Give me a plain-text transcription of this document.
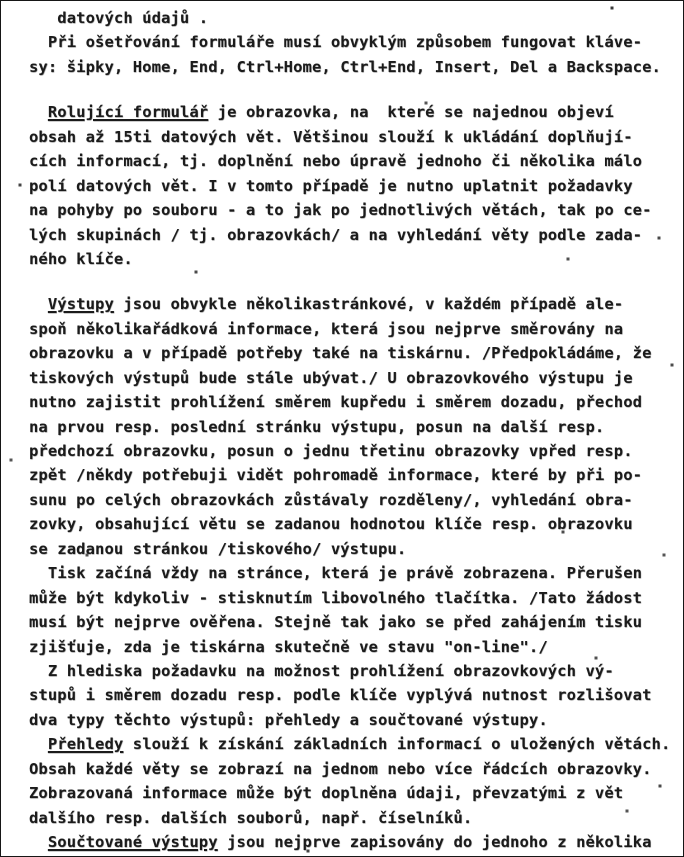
datových údajů .
Při ošetřování formuláře musí obvyklým způsobem fungovat kláve-
sy: šipky, Home, End, Ctrl+Home, Ctrl+End, Insert, Del a Backspace.
Rolující formulář je obrazovka, na  které se najednou objeví
obsah až 15ti datových vět. Většinou slouží k ukládání doplňují-
cích informací, tj. doplnění nebo úpravě jednoho či několika málo
polí datových vět. I v tomto případě je nutno uplatnit požadavky
na pohyby po souboru - a to jak po jednotlivých větách, tak po ce-
lých skupinách / tj. obrazovkách/ a na vyhledání věty podle zada-
ného klíče.
Výstupy jsou obvykle několikastránkové, v každém případě ale-
spoň několikařádková informace, která jsou nejprve směrovány na
obrazovku a v případě potřeby také na tiskárnu. /Předpokládáme, že
tiskových výstupů bude stále ubývat./ U obrazovkového výstupu je
nutno zajistit prohlížení směrem kupředu i směrem dozadu, přechod
na prvou resp. poslední stránku výstupu, posun na další resp.
předchozí obrazovku, posun o jednu třetinu obrazovky vpřed resp.
zpět /někdy potřebuji vidět pohromadě informace, které by při po-
sunu po celých obrazovkách zůstávaly rozděleny/, vyhledání obra-
zovky, obsahující větu se zadanou hodnotou klíče resp. obrazovku
se zadanou stránkou /tiskového/ výstupu.
Tisk začíná vždy na stránce, která je právě zobrazena. Přerušen
může být kdykoliv - stisknutím libovolného tlačítka. /Tato žádost
musí být nejprve ověřena. Stejně tak jako se před zahájením tisku
zjišťuje, zda je tiskárna skutečně ve stavu "on-line"./
Z hlediska požadavku na možnost prohlížení obrazovkových vý-
stupů i směrem dozadu resp. podle klíče vyplývá nutnost rozlišovat
dva typy těchto výstupů: přehledy a součtované výstupy.
Přehledy slouží k získání základních informací o uložených větách.
Obsah každé věty se zobrazí na jednom nebo více řádcích obrazovky.
Zobrazovaná informace může být doplněna údaji, převzatými z vět
dalšího resp. dalších souborů, např. číselníků.
Součtované výstupy jsou nejprve zapisovány do jednoho z několika
